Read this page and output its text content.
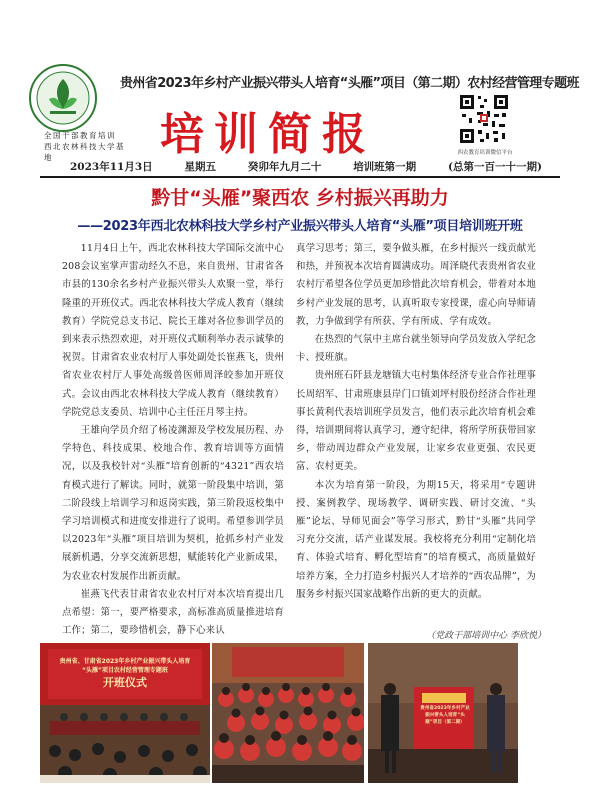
全国干部教育培训
西北农林科技大学基地
贵州省2023年乡村产业振兴带头人培育“头雁”项目（第二期）农村经营管理专题班
培训简报	西农教育培训微信平台
2023年11月3日	星期五	癸卯年九月二十	培训班第一期	(总第一百一十一期)
黔甘“头雁”聚西农 乡村振兴再助力
——2023年西北农林科技大学乡村产业振兴带头人培育“头雁”项目培训班开班

11月4日上午，西北农林科技大学国际交流中心208会议室掌声雷动经久不息，来自贵州、甘肃省各市县的130余名乡村产业振兴带头人欢聚一堂，举行隆重的开班仪式。西北农林科技大学成人教育（继续教育）学院党总支书记、院长王雄对各位参训学员的到来表示热烈欢迎，对开班仪式顺利举办表示诚挚的祝贺。甘肃省农业农村厅人事处副处长崔燕飞，贵州省农业农村厅人事处高级兽医师周泽皎参加开班仪式。会议由西北农林科技大学成人教育（继续教育）学院党总支委员、培训中心主任汪月琴主持。

王雄向学员介绍了杨凌渊源及学校发展历程、办学特色、科技成果、校地合作、教育培训等方面情况，以及我校针对“头雁”培育创新的“4321”西农培育模式进行了解读。同时，就第一阶段集中培训，第二阶段线上培训学习和返岗实践，第三阶段返校集中学习培训模式和进度安排进行了说明。希望参训学员以2023年“头雁”项目培训为契机，抢抓乡村产业发展新机遇，分享交流新思想，赋能转化产业新成果，为农业农村发展作出新贡献。

崔燕飞代表甘肃省农业农村厅对本次培育提出几点希望：第一，要严格要求，高标准高质量推进培育工作；第二，要珍惜机会，静下心来认

真学习思考；第三，要争做头雁，在乡村振兴一线贡献光和热，并预祝本次培育圆满成功。周泽晓代表贵州省农业农村厅希望各位学员更加珍惜此次培育机会，带着对本地乡村产业发展的思考，认真听取专家授课，虚心向导师请教，力争做到学有所获、学有所成、学有成效。

在热烈的气氛中主席台就坐领导向学员发放入学纪念卡、授班旗。

贵州班石阡县龙塘镇大屯村集体经济专业合作社理事长周绍军、甘肃班康县岸门口镇刘坪村股份经济合作社理事长黄利代表培训班学员发言，他们表示此次培育机会难得，培训期间将认真学习，遵守纪律，将所学所获带回家乡，带动周边群众产业发展，让家乡农业更强、农民更富、农村更美。

本次为培育第一阶段，为期15天，将采用“专题讲授、案例教学、现场教学、调研实践、研讨交流、“头雁”论坛、导师见面会”等学习形式，黔甘“头雁”共同学习充分交流，话产业谋发展。我校将充分利用“定制化培育、体验式培育、孵化型培育”的培育模式，高质量做好培养方案，全力打造乡村振兴人才培养的“西农品牌”，为服务乡村振兴国家战略作出新的更大的贡献。

（党政干部培训中心 李欣悦）
贵州省、甘肃省2023年乡村产业振兴带头人培育
“头雁”项目农村经营管理专题班
开班仪式
贵州省2023年乡村产业振兴带头人培育“头雁”项目（第二期）
